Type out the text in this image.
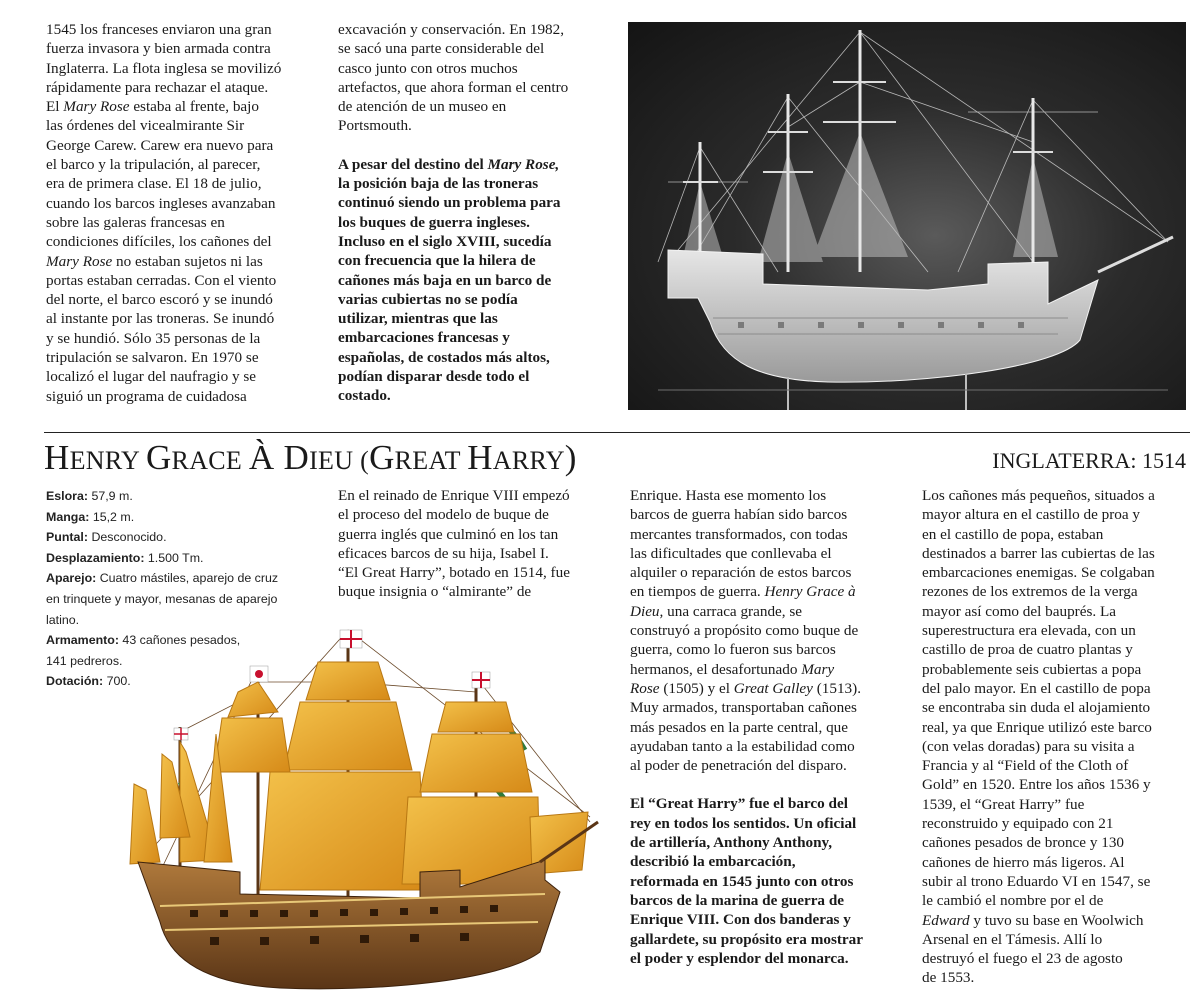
1545 los franceses enviaron una gran
fuerza invasora y bien armada contra
Inglaterra. La flota inglesa se movilizó
rápidamente para rechazar el ataque.
El Mary Rose estaba al frente, bajo
las órdenes del vicealmirante Sir
George Carew. Carew era nuevo para
el barco y la tripulación, al parecer,
era de primera clase. El 18 de julio,
cuando los barcos ingleses avanzaban
sobre las galeras francesas en
condiciones difíciles, los cañones del
Mary Rose no estaban sujetos ni las
portas estaban cerradas. Con el viento
del norte, el barco escoró y se inundó
al instante por las troneras. Se inundó
y se hundió. Sólo 35 personas de la
tripulación se salvaron. En 1970 se
localizó el lugar del naufragio y se
siguió un programa de cuidadosa
excavación y conservación. En 1982,
se sacó una parte considerable del
casco junto con otros muchos
artefactos, que ahora forman el centro
de atención de un museo en
Portsmouth.
A pesar del destino del Mary Rose,
la posición baja de las troneras
continuó siendo un problema para
los buques de guerra ingleses.
Incluso en el siglo XVIII, sucedía
con frecuencia que la hilera de
cañones más baja en un barco de
varias cubiertas no se podía
utilizar, mientras que las
embarcaciones francesas y
españolas, de costados más altos,
podían disparar desde todo el
costado.
HENRY GRACE À DIEU (GREAT HARRY)	INGLATERRA: 1514
Eslora: 57,9 m.
Manga: 15,2 m.
Puntal: Desconocido.
Desplazamiento: 1.500 Tm.
Aparejo: Cuatro mástiles, aparejo de cruz
en trinquete y mayor, mesanas de aparejo
latino.
Armamento: 43 cañones pesados,
141 pedreros.
Dotación: 700.
En el reinado de Enrique VIII empezó
el proceso del modelo de buque de
guerra inglés que culminó en los tan
eficaces barcos de su hija, Isabel I.
“El Great Harry”, botado en 1514, fue
buque insignia o “almirante” de
Enrique. Hasta ese momento los
barcos de guerra habían sido barcos
mercantes transformados, con todas
las dificultades que conllevaba el
alquiler o reparación de estos barcos
en tiempos de guerra. Henry Grace à
Dieu, una carraca grande, se
construyó a propósito como buque de
guerra, como lo fueron sus barcos
hermanos, el desafortunado Mary
Rose (1505) y el Great Galley (1513).
Muy armados, transportaban cañones
más pesados en la parte central, que
ayudaban tanto a la estabilidad como
al poder de penetración del disparo.
El “Great Harry” fue el barco del
rey en todos los sentidos. Un oficial
de artillería, Anthony Anthony,
describió la embarcación,
reformada en 1545 junto con otros
barcos de la marina de guerra de
Enrique VIII. Con dos banderas y
gallardete, su propósito era mostrar
el poder y esplendor del monarca.
Los cañones más pequeños, situados a
mayor altura en el castillo de proa y
en el castillo de popa, estaban
destinados a barrer las cubiertas de las
embarcaciones enemigas. Se colgaban
rezones de los extremos de la verga
mayor así como del bauprés. La
superestructura era elevada, con un
castillo de proa de cuatro plantas y
probablemente seis cubiertas a popa
del palo mayor. En el castillo de popa
se encontraba sin duda el alojamiento
real, ya que Enrique utilizó este barco
(con velas doradas) para su visita a
Francia y al “Field of the Cloth of
Gold” en 1520. Entre los años 1536 y
1539, el “Great Harry” fue
reconstruido y equipado con 21
cañones pesados de bronce y 130
cañones de hierro más ligeros. Al
subir al trono Eduardo VI en 1547, se
le cambió el nombre por el de
Edward y tuvo su base en Woolwich
Arsenal en el Támesis. Allí lo
destruyó el fuego el 23 de agosto
de 1553.
